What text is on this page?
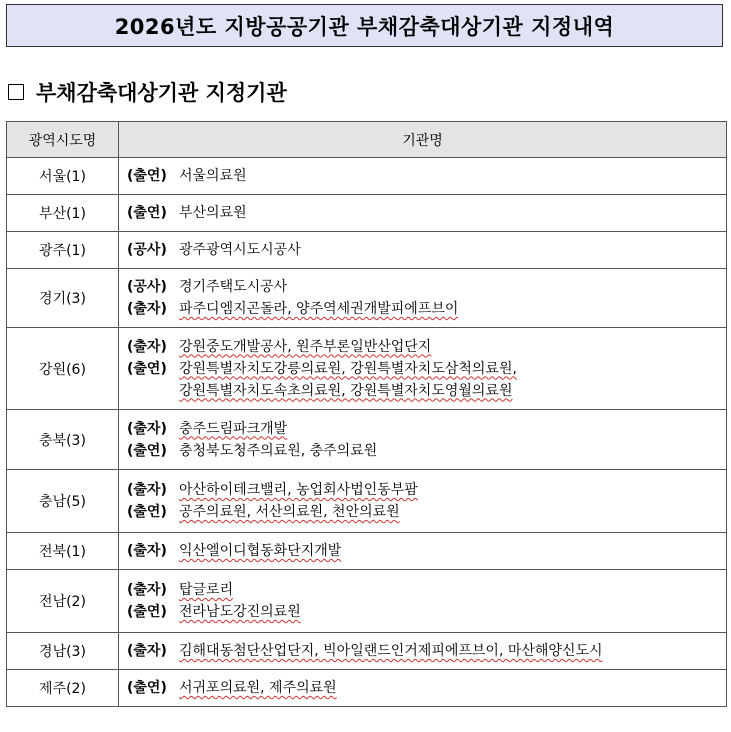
2026년도 지방공공기관 부채감축대상기관 지정내역
부채감축대상기관 지정기관
광역시도명	기관명
서울(1)	(출연) 서울의료원

부산(1)	(출연) 부산의료원

광주(1)	(공사) 광주광역시도시공사

경기(3)	(공사) 경기주택도시공사
(출자) 파주디엠지곤돌라, 양주역세권개발피에프브이

강원(6)	(출자) 강원중도개발공사, 원주부론일반산업단지
(출연) 강원특별자치도강릉의료원, 강원특별자치도삼척의료원,
강원특별자치도속초의료원, 강원특별자치도영월의료원

충북(3)	(출자) 충주드림파크개발
(출연) 충청북도청주의료원, 충주의료원

충남(5)	(출자) 아산하이테크밸리, 농업회사법인동부팜
(출연) 공주의료원, 서산의료원, 천안의료원

전북(1)	(출자) 익산엘이디협동화단지개발

전남(2)	(출자) 탑글로리
(출연) 전라남도강진의료원

경남(3)	(출자) 김해대동첨단산업단지, 빅아일랜드인거제피에프브이, 마산해양신도시

제주(2)	(출연) 서귀포의료원, 제주의료원
